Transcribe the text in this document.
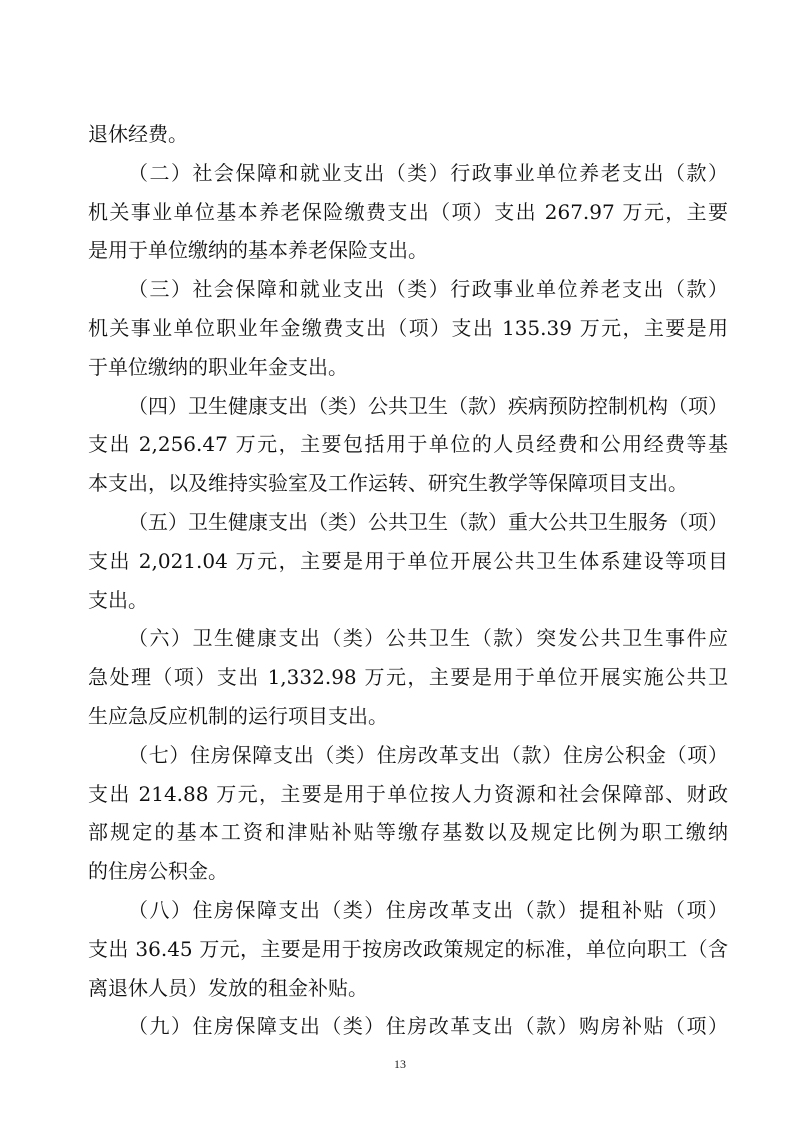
退休经费。
（二）社会保障和就业支出（类）行政事业单位养老支出（款）
机关事业单位基本养老保险缴费支出（项）支出 267.97 万元，主要
是用于单位缴纳的基本养老保险支出。
（三）社会保障和就业支出（类）行政事业单位养老支出（款）
机关事业单位职业年金缴费支出（项）支出 135.39 万元，主要是用
于单位缴纳的职业年金支出。
（四）卫生健康支出（类）公共卫生（款）疾病预防控制机构（项）
支出 2,256.47 万元，主要包括用于单位的人员经费和公用经费等基
本支出，以及维持实验室及工作运转、研究生教学等保障项目支出。
（五）卫生健康支出（类）公共卫生（款）重大公共卫生服务（项）
支出 2,021.04 万元，主要是用于单位开展公共卫生体系建设等项目
支出。
（六）卫生健康支出（类）公共卫生（款）突发公共卫生事件应
急处理（项）支出 1,332.98 万元，主要是用于单位开展实施公共卫
生应急反应机制的运行项目支出。
（七）住房保障支出（类）住房改革支出（款）住房公积金（项）
支出 214.88 万元，主要是用于单位按人力资源和社会保障部、财政
部规定的基本工资和津贴补贴等缴存基数以及规定比例为职工缴纳
的住房公积金。
（八）住房保障支出（类）住房改革支出（款）提租补贴（项）
支出 36.45 万元，主要是用于按房改政策规定的标准，单位向职工（含
离退休人员）发放的租金补贴。
（九）住房保障支出（类）住房改革支出（款）购房补贴（项）
13
